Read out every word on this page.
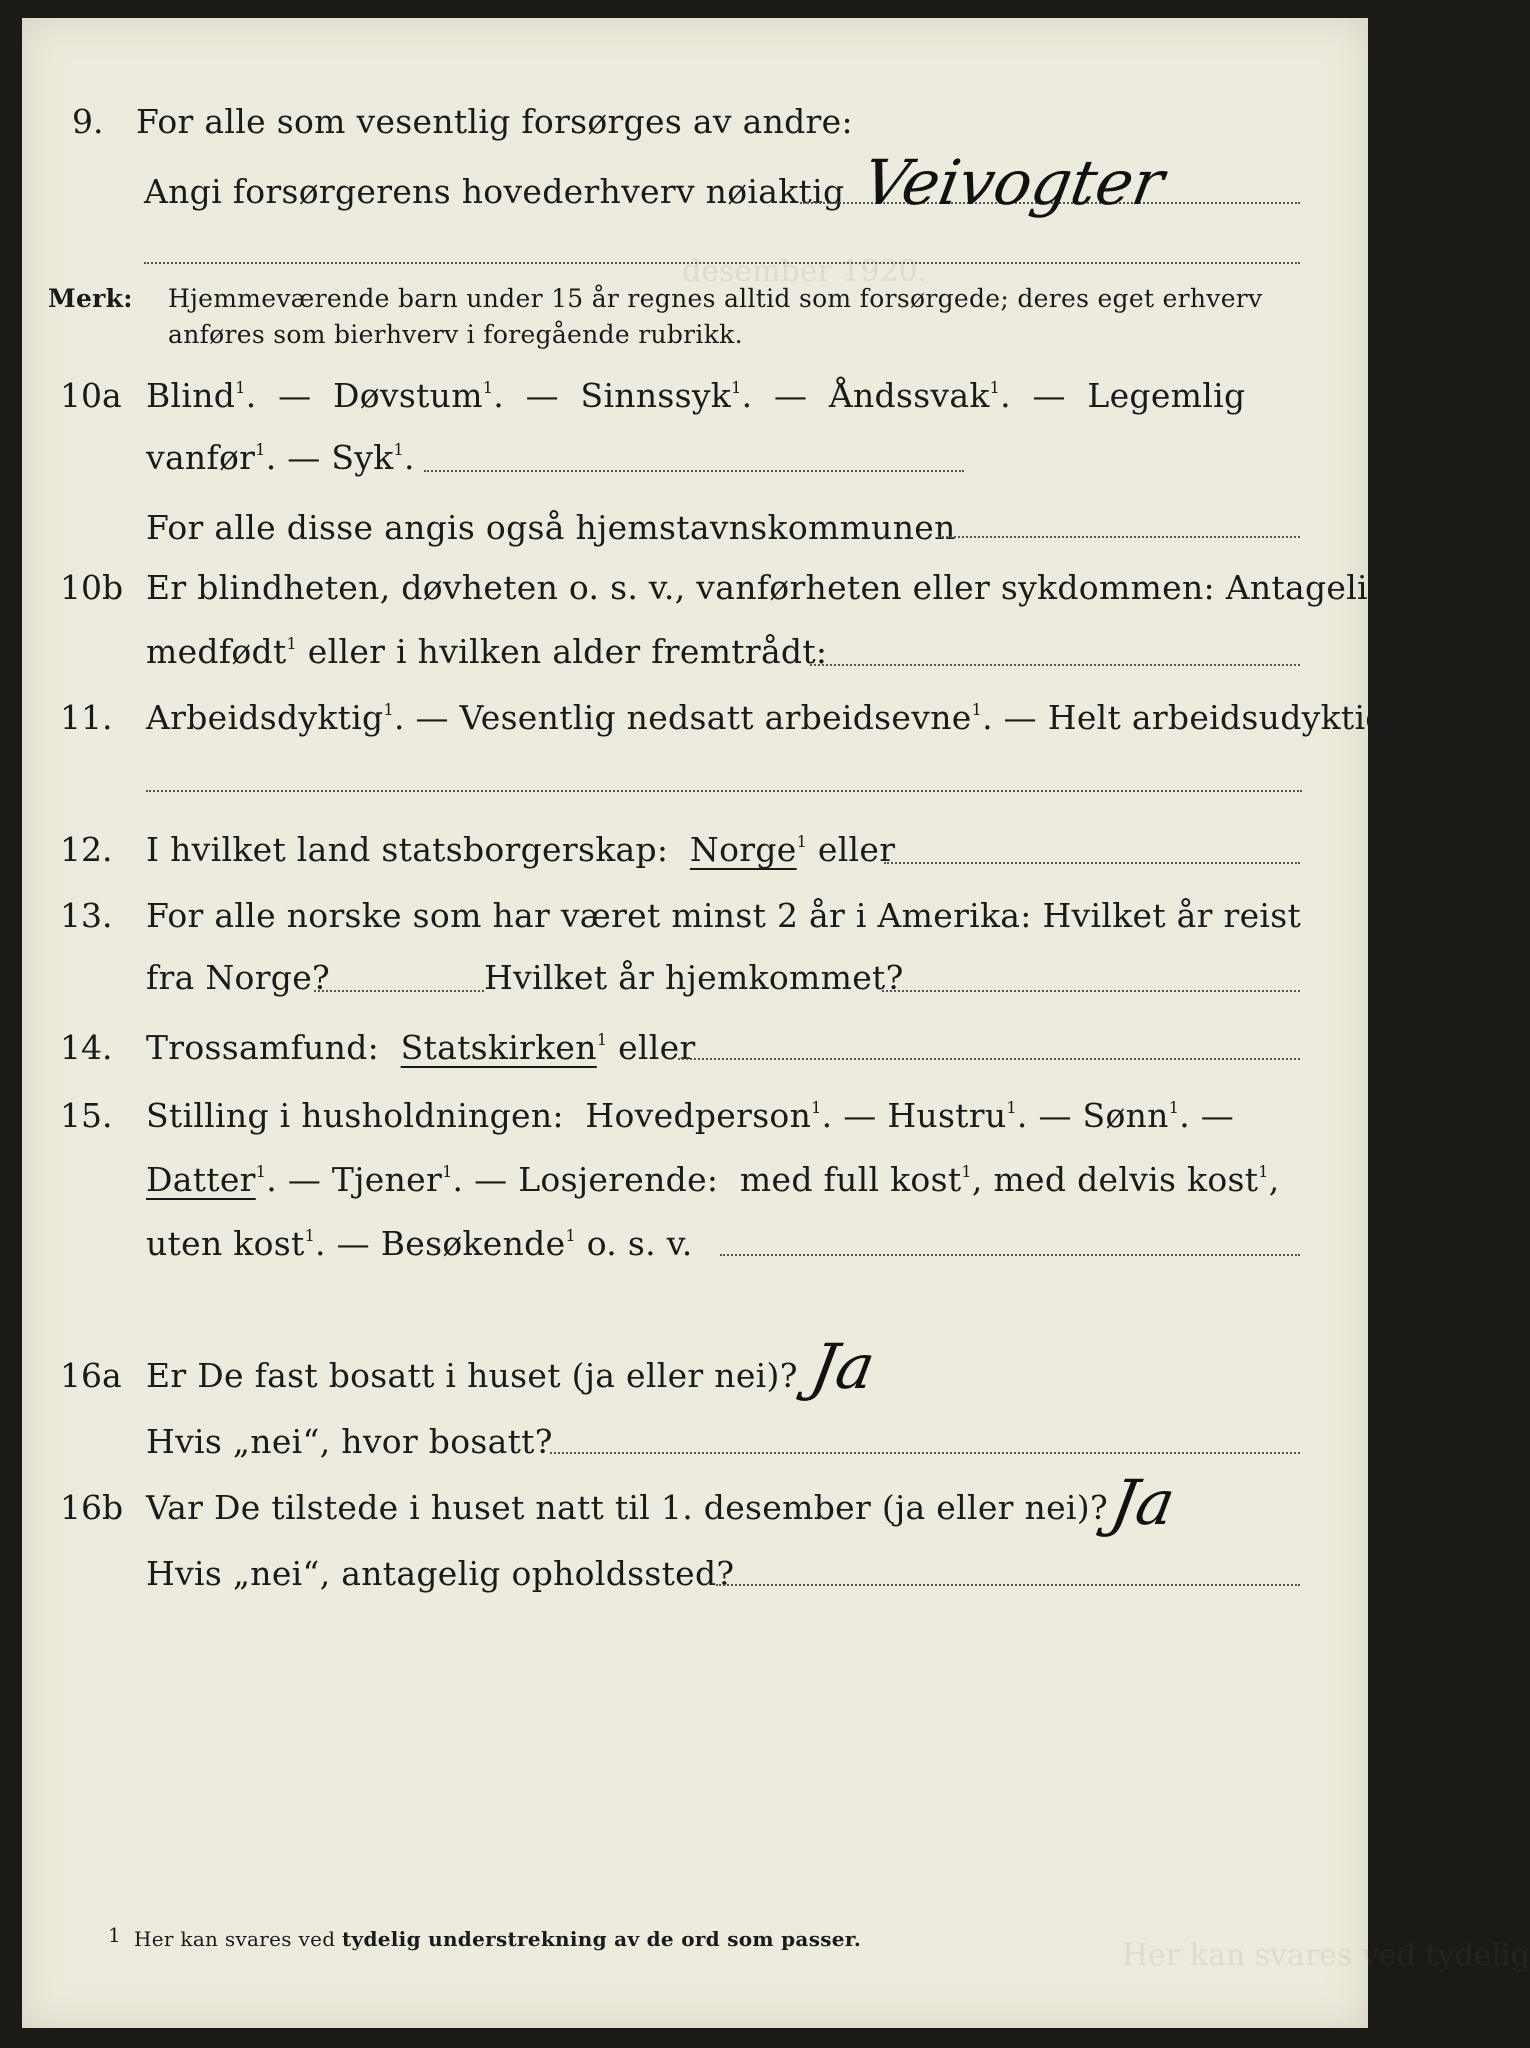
desember 1920.
Her kan svares ved tydelig
9. For alle som vesentlig forsørges av andre:
Angi forsørgerens hovederhverv nøiaktig Veivogter
Merk: Hjemmeværende barn under 15 år regnes alltid som forsørgede; deres eget erhverv
anføres som bierhverv i foregående rubrikk.
10a Blind$^1$.  —  Døvstum$^1$.  —  Sinnssyk$^1$.  —  Åndssvak$^1$.  —  Legemlig
vanfør$^1$. — Syk$^1$.
For alle disse angis også hjemstavnskommunen
10b Er blindheten, døvheten o. s. v., vanførheten eller sykdommen: Antagelig
medfødt$^1$ eller i hvilken alder fremtrådt:
11. Arbeidsdyktig$^1$. — Vesentlig nedsatt arbeidsevne$^1$. — Helt arbeidsudyktig$^1$.
12. I hvilket land statsborgerskap: Norge$^1$ eller
13. For alle norske som har været minst 2 år i Amerika: Hvilket år reist
fra Norge?	Hvilket år hjemkommet?
14. Trossamfund: Statskirken$^1$ eller
15. Stilling i husholdningen: Hovedperson$^1$. — Hustru$^1$. — Sønn$^1$. —
Datter$^1$. — Tjener$^1$. — Losjerende: med full kost$^1$, med delvis kost$^1$,
uten kost$^1$. — Besøkende$^1$ o. s. v.
16a Er De fast bosatt i huset (ja eller nei)? Ja
Hvis „nei“, hvor bosatt?
16b Var De tilstede i huset natt til 1. desember (ja eller nei)?
Ja
Hvis „nei“, antagelig opholdssted?
1 Her kan svares ved tydelig understrekning av de ord som passer.
